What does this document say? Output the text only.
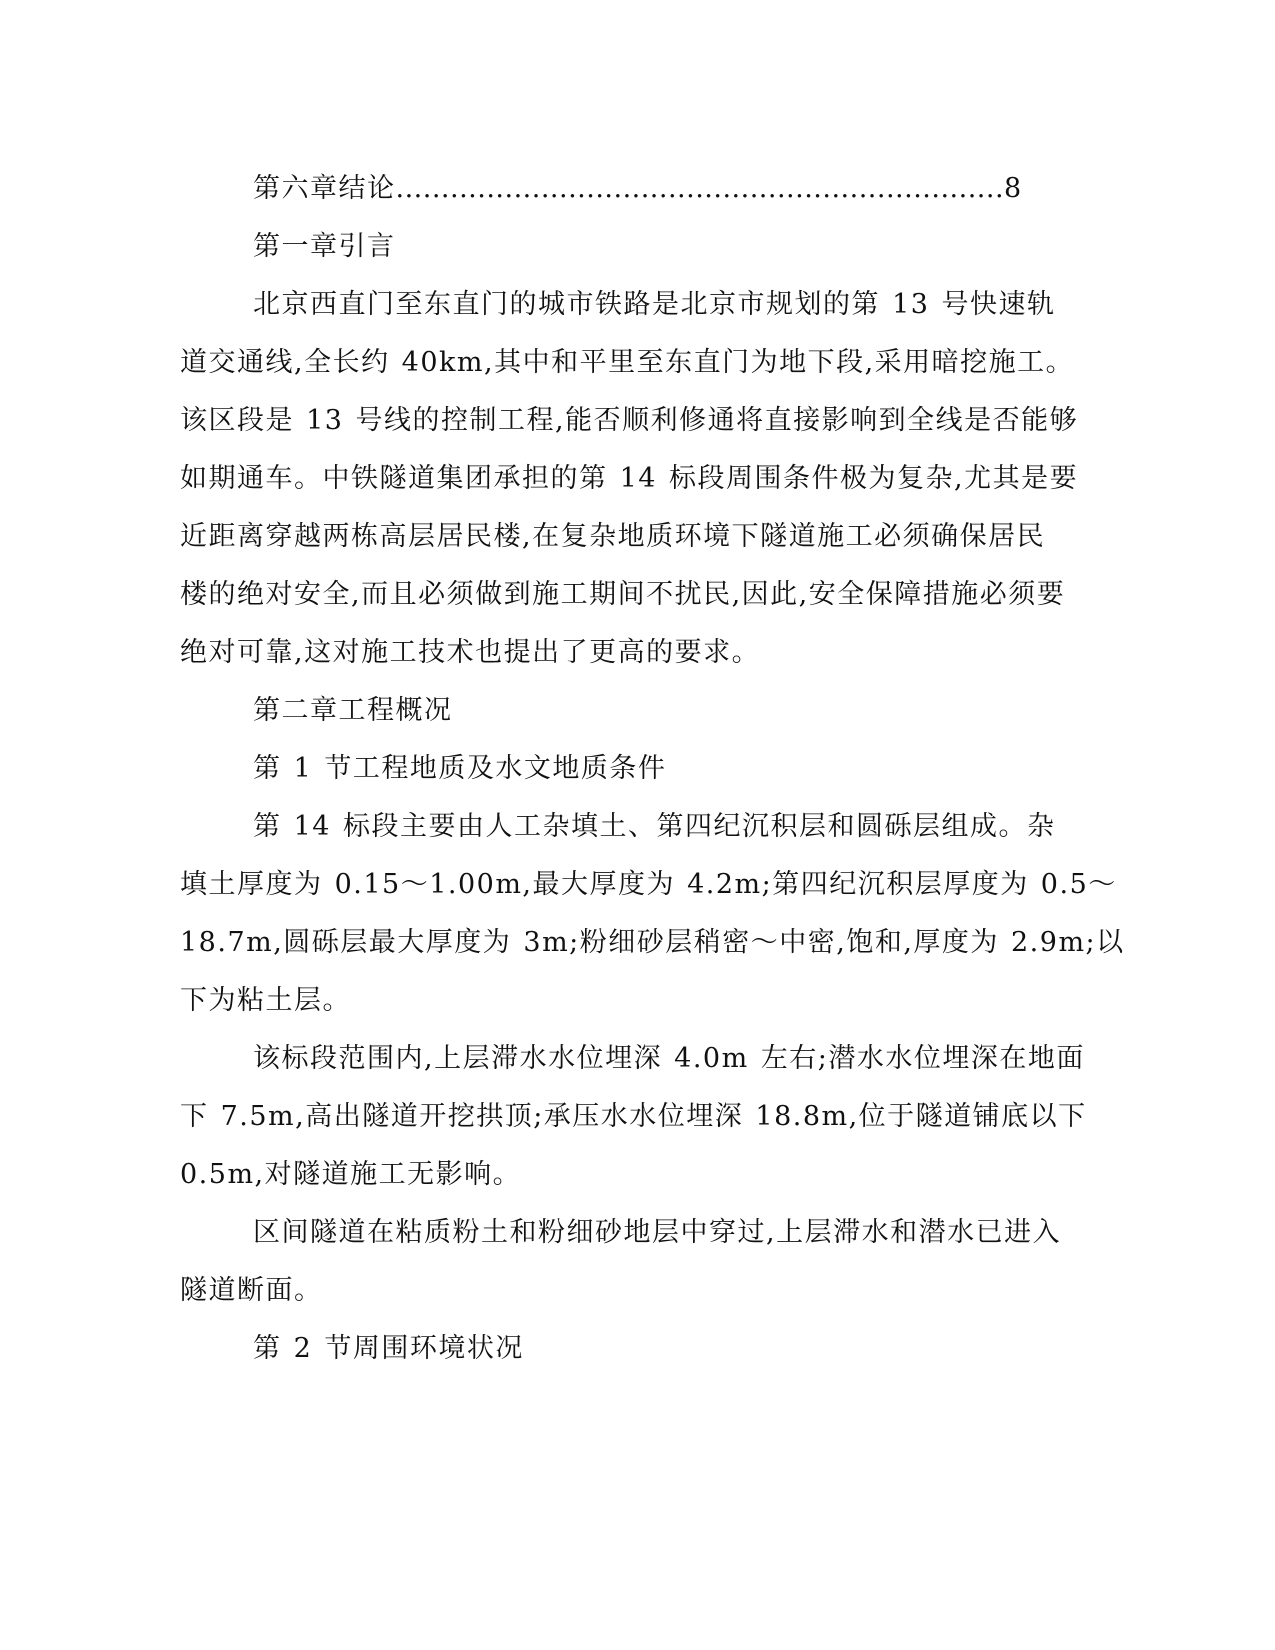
第六章结论 ................................................................... 8
第一章引言
北京西直门至东直门的城市铁路是北京市规划的第 13 号快速轨
道交通线,全长约 40km,其中和平里至东直门为地下段,采用暗挖施工。
该区段是 13 号线的控制工程,能否顺利修通将直接影响到全线是否能够
如期通车。中铁隧道集团承担的第 14 标段周围条件极为复杂,尤其是要
近距离穿越两栋高层居民楼,在复杂地质环境下隧道施工必须确保居民
楼的绝对安全,而且必须做到施工期间不扰民,因此,安全保障措施必须要
绝对可靠,这对施工技术也提出了更高的要求。
第二章工程概况
第 1 节工程地质及水文地质条件
第 14 标段主要由人工杂填土、第四纪沉积层和圆砾层组成。杂
填土厚度为 0.15～1.00m,最大厚度为 4.2m;第四纪沉积层厚度为 0.5～
18.7m,圆砾层最大厚度为 3m;粉细砂层稍密～中密,饱和,厚度为 2.9m;以
下为粘土层。
该标段范围内,上层滞水水位埋深 4.0m 左右;潜水水位埋深在地面
下 7.5m,高出隧道开挖拱顶;承压水水位埋深 18.8m,位于隧道铺底以下
0.5m,对隧道施工无影响。
区间隧道在粘质粉土和粉细砂地层中穿过,上层滞水和潜水已进入
隧道断面。
第 2 节周围环境状况
